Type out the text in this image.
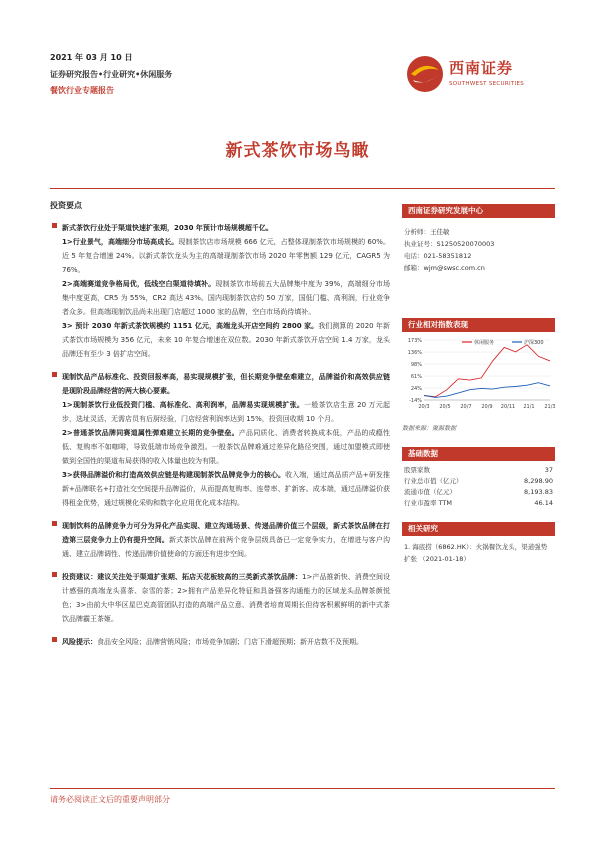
2021 年 03 月 10 日
证券研究报告•行业研究•休闲服务
餐饮行业专题报告
西南证券
SOUTHWEST SECURITIES
新式茶饮市场鸟瞰
投资要点
新式茶饮行业处于渠道快速扩张期，2030 年预计市场规模超千亿。
1>行业景气，高端细分市场高成长。现制茶饮店市场规模 666 亿元，占整体现制茶饮市场规模的 60%。近 5 年复合增速 24%。以新式茶饮龙头为主的高端现制茶饮市场 2020 年零售额 129 亿元，CAGR5 为 76%。
2>高端赛道竞争格局优，低线空白渠道待填补。现制茶饮市场前五大品牌集中度为 39%，高端细分市场集中度更高，CR5 为 55%，CR2 高达 43%。国内现制茶饮店约 50 万家，国低门槛、高利润，行业竞争者众多。但高端现制饮品尚未出现门店超过 1000 家的品牌，空白市场尚待填补。
3> 预计 2030 年新式茶饮规模约 1151 亿元，高端龙头开店空间约 2800 家。我们测算的 2020 年新式茶饮市场规模为 356 亿元，未来 10 年复合增速在双位数。2030 年新式茶饮开店空间 1.4 万家，龙头品牌还有至少 3 倍扩店空间。
现制饮品产品标准化、投资回报率高，易实现规模扩张，但长期竞争壁垒难建立，品牌溢价和高效供应链是现阶段品牌经营的两大核心要素。
1>现制茶饮行业低投资门槛、高标准化、高利润率，品牌易实现规模扩张。一般茶饮店生意 20 万元起步，选址灵活、无需店员有后厨经验，门店经营利润率达到 15%，投资回收期 10 个月。
2>普通茶饮品牌同赛道属性弹难建立长期的竞争壁垒。产品同质化、消费者转换成本低，产品的成瘾性低、复购率不如咖啡，导致低端市场竞争激烈。一般茶饮品牌难通过差异化路径突围，通过加盟模式即使做到全国性的渠道布局获得的收入体量也较为有限。
3>获得品牌溢价和打造高效供应链是构建现制茶饮品牌竞争力的核心。收入端，通过高品质产品+研发推新+品牌联名+打造社交空间提升品牌溢价，从而提高复购率、连带率、扩新客。成本端，通过品牌溢价获得租金优势，通过规模化采购和数字化应用优化成本结构。
现制饮料的品牌竞争力可分为异化产品实现、建立沟通场景、传递品牌价值三个层级，新式茶饮品牌在打造第三层竞争力上仍有提升空间。新式茶饮品牌在前两个竞争层级具备已一定竞争实力，在增进与客户沟通、建立品牌调性、传递品牌价值使命的方面还有进步空间。
投资建议：建议关注处于渠道扩张期、拓店天花板较高的三类新式茶饮品牌：1>产品推新快、消费空间设计感强的高端龙头喜茶、奈雪的茶；2>拥有产品差异化特征和具备强客沟通能力的区域龙头品牌茶颜悦色；3>由前大中华区星巴克高管团队打造的高端产品立意、消费者培育周期长但待客积累鲜明的新中式茶饮品牌霸王茶姬。
风险提示：食品安全风险；品牌营销风险；市场竞争加剧；门店下滑超预期；新开店数不及预期。
西南证券研究发展中心
分析师：王佳敏
执业证号：S1250520070003
电话：021-58351812
邮箱：wjm@swsc.com.cn
行业相对指数表现
173%
136%
98%
61%
24%
-14%
20/3 20/5 20/7 20/9 20/11 21/1 21/3
休闲服务	沪深300
数据来源：聚源数据
基础数据
股票家数	37
行业总市值（亿元）	8,298.90
流通市值（亿元）	8,193.83
行业市盈率 TTM	46.14
相关研究
1. 海底捞（6862.HK）：火锅餐饮龙头，渠道强势扩张 （2021-01-18）
请务必阅读正文后的重要声明部分
